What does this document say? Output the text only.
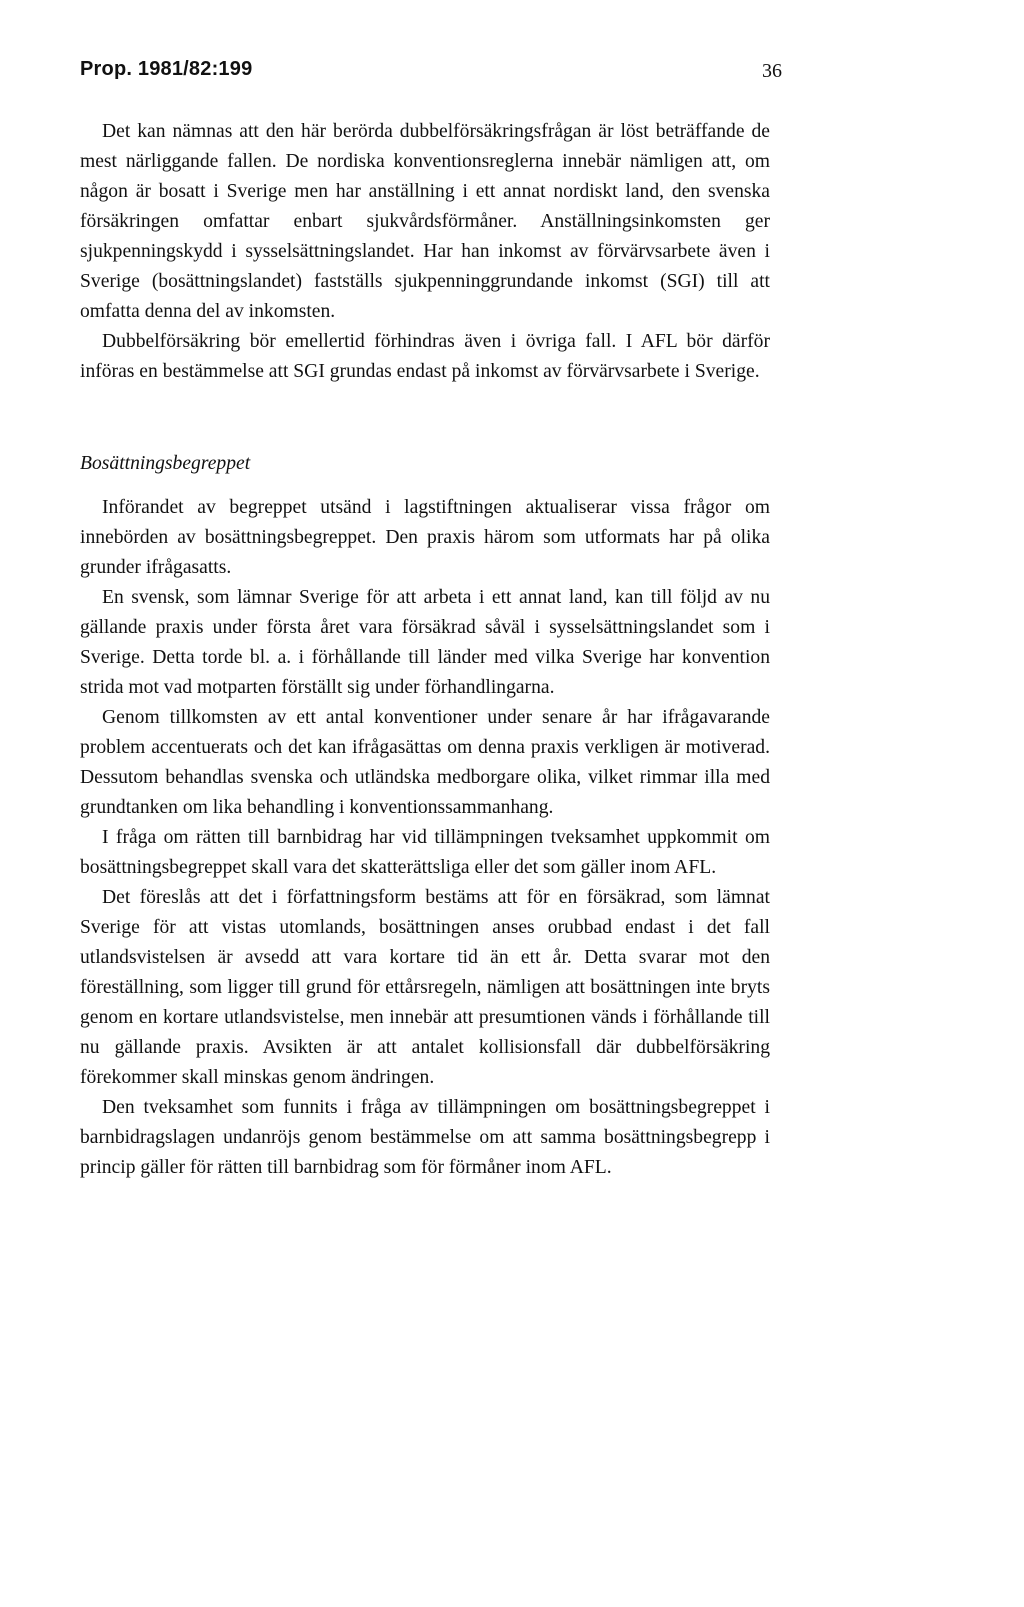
Prop. 1981/82:199	36

Det kan nämnas att den här berörda dubbelförsäkringsfrågan är löst beträffande de mest närliggande fallen. De nordiska konventionsreglerna innebär nämligen att, om någon är bosatt i Sverige men har anställning i ett annat nordiskt land, den svenska försäkringen omfattar enbart sjukvårdsförmåner. Anställningsinkomsten ger sjukpenningskydd i sysselsättningslandet. Har han inkomst av förvärvsarbete även i Sverige (bosättningslandet) fastställs sjukpenninggrundande inkomst (SGI) till att omfatta denna del av inkomsten.

Dubbelförsäkring bör emellertid förhindras även i övriga fall. I AFL bör därför införas en bestämmelse att SGI grundas endast på inkomst av förvärvsarbete i Sverige.

Bosättningsbegreppet

Införandet av begreppet utsänd i lagstiftningen aktualiserar vissa frågor om innebörden av bosättningsbegreppet. Den praxis härom som utformats har på olika grunder ifrågasatts.

En svensk, som lämnar Sverige för att arbeta i ett annat land, kan till följd av nu gällande praxis under första året vara försäkrad såväl i sysselsättningslandet som i Sverige. Detta torde bl. a. i förhållande till länder med vilka Sverige har konvention strida mot vad motparten förställt sig under förhandlingarna.

Genom tillkomsten av ett antal konventioner under senare år har ifrågavarande problem accentuerats och det kan ifrågasättas om denna praxis verkligen är motiverad. Dessutom behandlas svenska och utländska medborgare olika, vilket rimmar illa med grundtanken om lika behandling i konventionssammanhang.

I fråga om rätten till barnbidrag har vid tillämpningen tveksamhet uppkommit om bosättningsbegreppet skall vara det skatterättsliga eller det som gäller inom AFL.

Det föreslås att det i författningsform bestäms att för en försäkrad, som lämnat Sverige för att vistas utomlands, bosättningen anses orubbad endast i det fall utlandsvistelsen är avsedd att vara kortare tid än ett år. Detta svarar mot den föreställning, som ligger till grund för ettårsregeln, nämligen att bosättningen inte bryts genom en kortare utlandsvistelse, men innebär att presumtionen vänds i förhållande till nu gällande praxis. Avsikten är att antalet kollisionsfall där dubbelförsäkring förekommer skall minskas genom ändringen.

Den tveksamhet som funnits i fråga av tillämpningen om bosättningsbegreppet i barnbidragslagen undanröjs genom bestämmelse om att samma bosättningsbegrepp i princip gäller för rätten till barnbidrag som för förmåner inom AFL.
